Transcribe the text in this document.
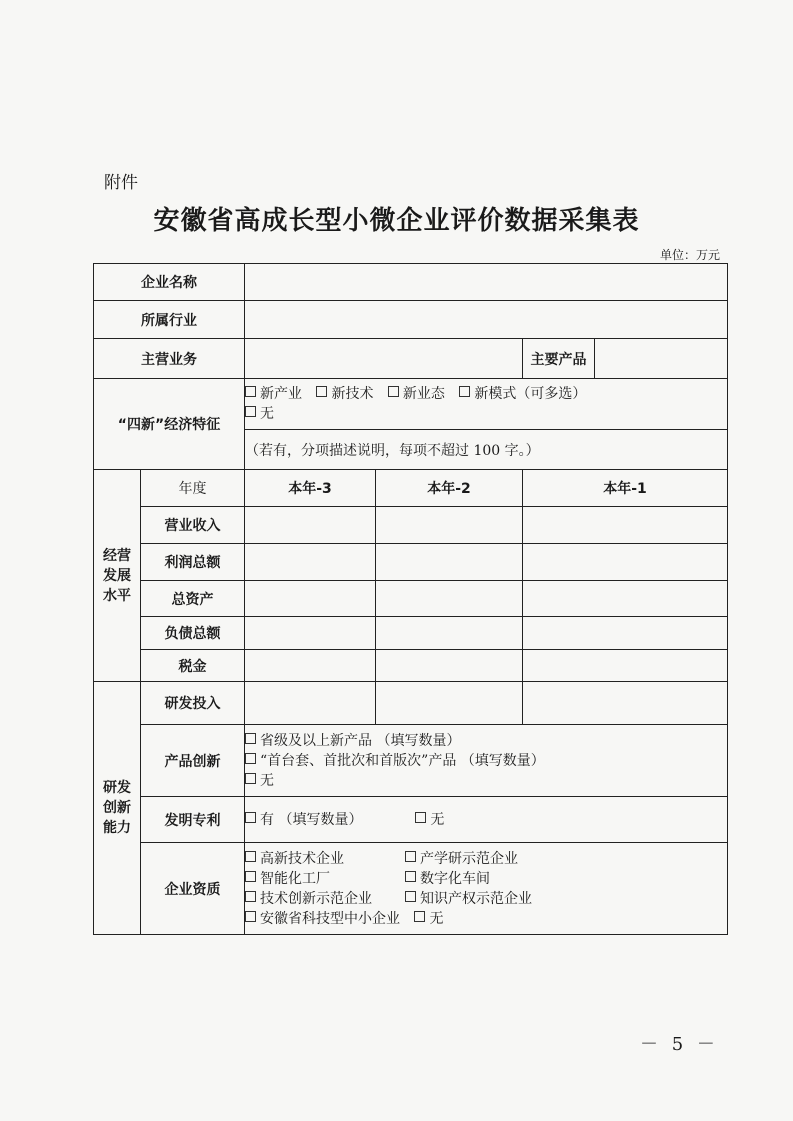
附件
安徽省高成长型小微企业评价数据采集表
单位：万元
企业名称					
所属行业					
主营业务				主要产品	
“四新”经济特征		新产业 新技术 新业态 新模式（可多选）
无			

		（若有，分项描述说明，每项不超过 100 字。）			

经营
发展
水平	年度	本年-3	本年-2	本年-1	
	营业收入				
	利润总额				
	总资产				
	负债总额				
	税金				

研发
创新
能力	研发投入				
	产品创新	省级及以上新产品 （填写数量）
“首台套、首批次和首版次”产品 （填写数量）
无			

	发明专利	有 （填写数量） 无			
	企业资质	高新技术企业 产学研示范企业
智能化工厂 数字化车间
技术创新示范企业 知识产权示范企业
安徽省科技型中小企业 无			
－ 5 －
